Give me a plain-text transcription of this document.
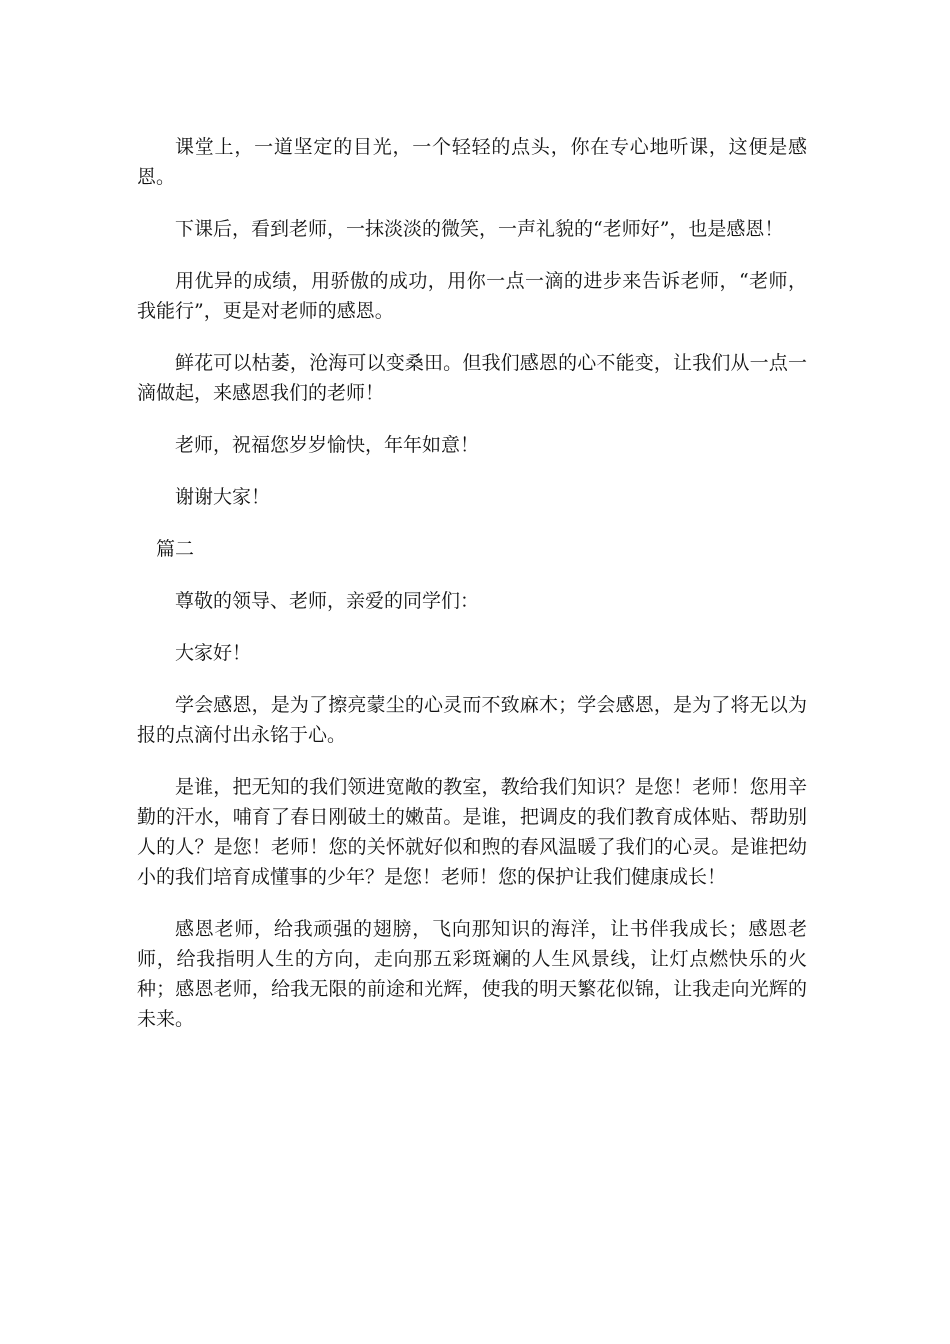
课堂上，一道坚定的目光，一个轻轻的点头，你在专心地听课，这便是感恩。

下课后，看到老师，一抹淡淡的微笑，一声礼貌的“老师好”，也是感恩！

用优异的成绩，用骄傲的成功，用你一点一滴的进步来告诉老师，“老师，我能行”，更是对老师的感恩。

鲜花可以枯萎，沧海可以变桑田。但我们感恩的心不能变，让我们从一点一滴做起，来感恩我们的老师！

老师，祝福您岁岁愉快，年年如意！

谢谢大家！

篇二

尊敬的领导、老师，亲爱的同学们：

大家好！

学会感恩，是为了擦亮蒙尘的心灵而不致麻木；学会感恩，是为了将无以为报的点滴付出永铭于心。

是谁，把无知的我们领进宽敞的教室，教给我们知识？是您！老师！您用辛勤的汗水，哺育了春日刚破土的嫩苗。是谁，把调皮的我们教育成体贴、帮助别人的人？是您！老师！您的关怀就好似和煦的春风温暖了我们的心灵。是谁把幼小的我们培育成懂事的少年？是您！老师！您的保护让我们健康成长！

感恩老师，给我顽强的翅膀，飞向那知识的海洋，让书伴我成长；感恩老师，给我指明人生的方向，走向那五彩斑斓的人生风景线，让灯点燃快乐的火种；感恩老师，给我无限的前途和光辉，使我的明天繁花似锦，让我走向光辉的未来。
